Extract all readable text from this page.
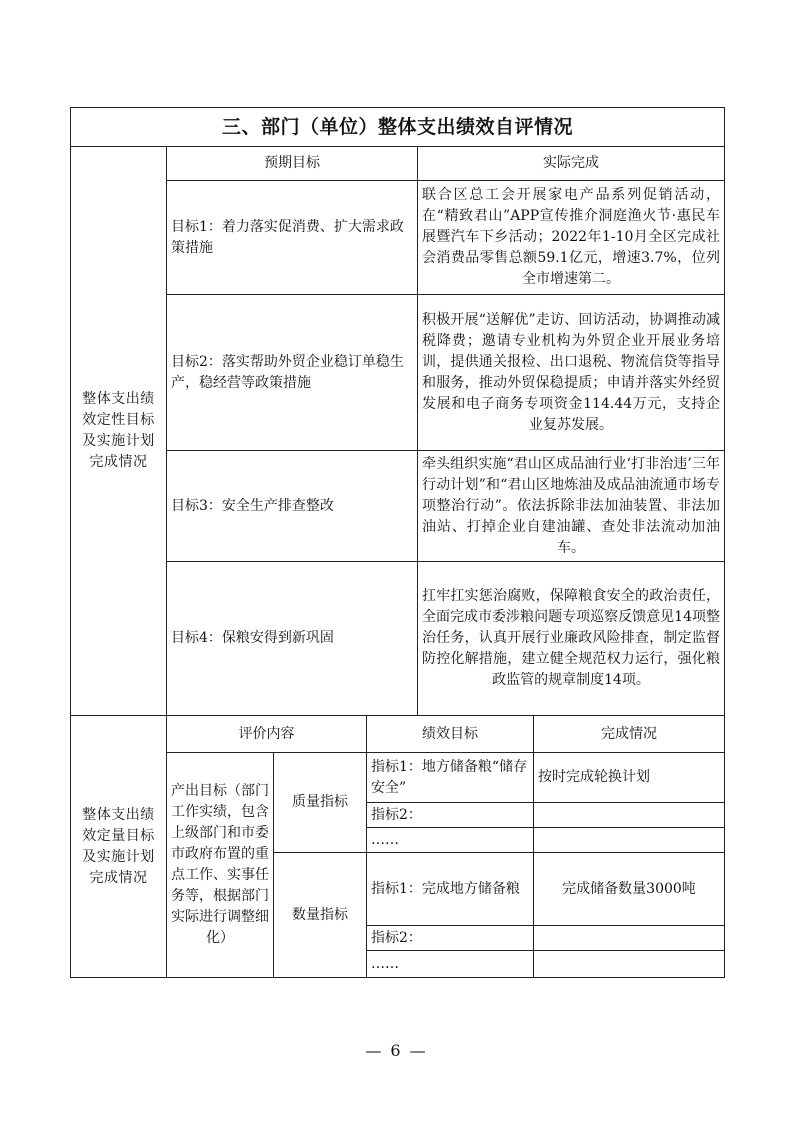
三、部门（单位）整体支出绩效自评情况		
整体支出绩效定性目标及实施计划完成情况	预期目标	实际完成
	目标1：着力落实促消费、扩大需求政策措施	联合区总工会开展家电产品系列促销活动，在“精致君山”APP宣传推介洞庭渔火节·惠民车展暨汽车下乡活动；2022年1-10月全区完成社会消费品零售总额59.1亿元，增速3.7%，位列全市增速第二。
	目标2：落实帮助外贸企业稳订单稳生产，稳经营等政策措施	积极开展“送解优”走访、回访活动，协调推动减税降费；邀请专业机构为外贸企业开展业务培训，提供通关报检、出口退税、物流信贷等指导和服务，推动外贸保稳提质；申请并落实外经贸发展和电子商务专项资金114.44万元，支持企业复苏发展。
	目标3：安全生产排查整改	牵头组织实施“君山区成品油行业‘打非治违’三年行动计划”和“君山区地炼油及成品油流通市场专项整治行动”。依法拆除非法加油装置、非法加油站、打掉企业自建油罐、查处非法流动加油车。
	目标4：保粮安得到新巩固	扛牢扛实惩治腐败，保障粮食安全的政治责任，全面完成市委涉粮问题专项巡察反馈意见14项整治任务，认真开展行业廉政风险排查，制定监督防控化解措施，建立健全规范权力运行，强化粮政监管的规章制度14项。
整体支出绩效定量目标及实施计划完成情况	评价内容		绩效目标	完成情况
	产出目标（部门工作实绩，包含上级部门和市委市政府布置的重点工作、实事任务等，根据部门实际进行调整细化）	质量指标	指标1：地方储备粮“储存安全”	按时完成轮换计划
			指标2：	
			……	
		数量指标	指标1：完成地方储备粮	完成储备数量3000吨
			指标2：	
			……	
— 6 —
